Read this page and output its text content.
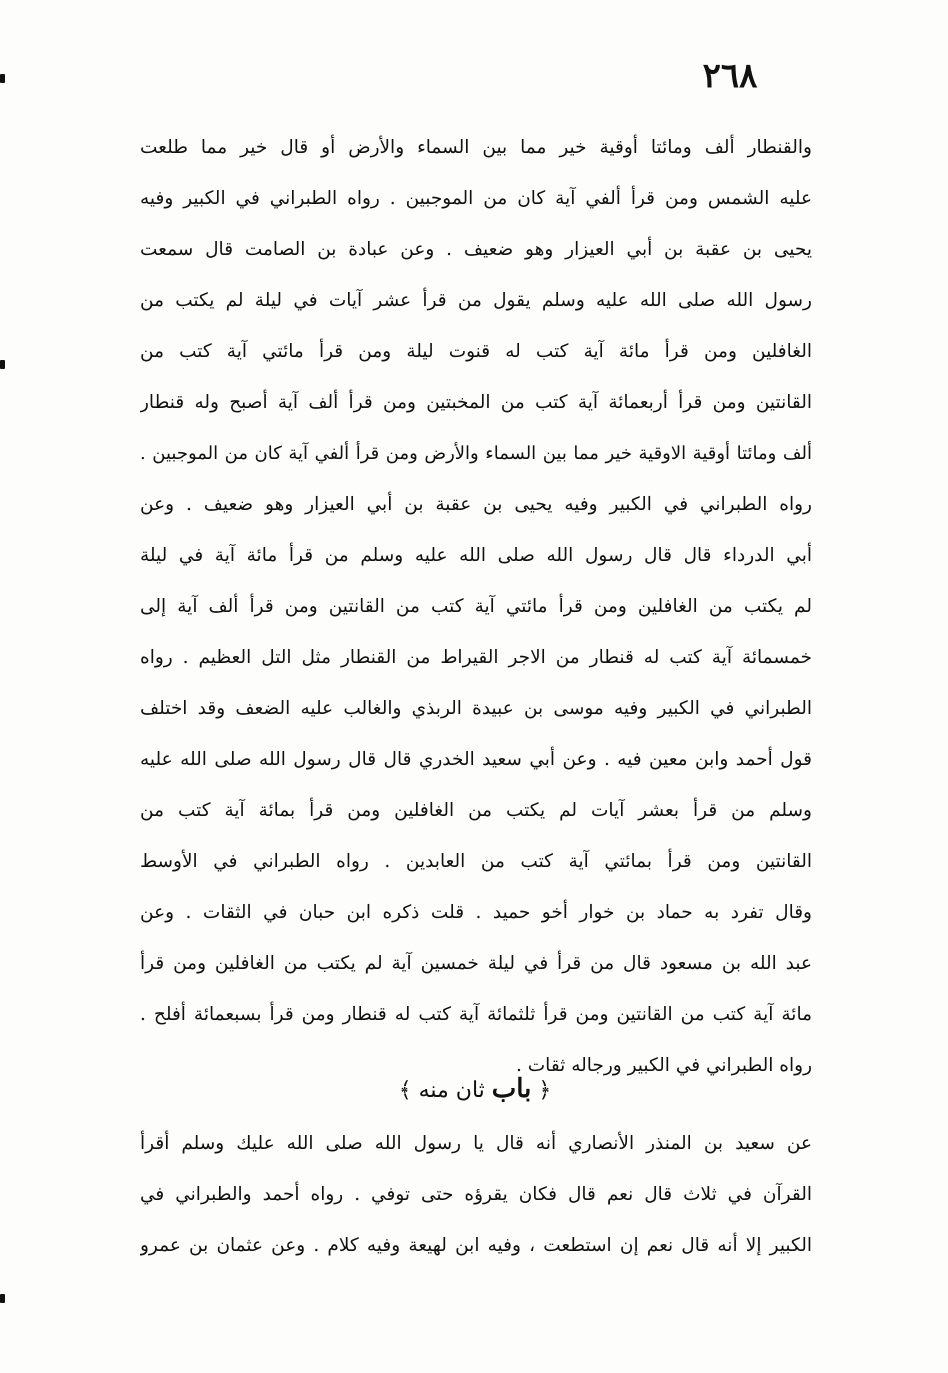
٢٦٨
والقنطار ألف ومائتا أوقية خير مما بين السماء والأرض أو قال خير مما طلعت
عليه الشمس ومن قرأ ألفي آية كان من الموجبين . رواه الطبراني في الكبير وفيه
يحيى بن عقبة بن أبي العيزار وهو ضعيف . وعن عبادة بن الصامت قال سمعت
رسول الله صلى الله عليه وسلم يقول من قرأ عشر آيات في ليلة لم يكتب من
الغافلين ومن قرأ مائة آية كتب له قنوت ليلة ومن قرأ مائتي آية كتب من
القانتين ومن قرأ أربعمائة آية كتب من المخبتين ومن قرأ ألف آية أصبح وله قنطار
ألف ومائتا أوقية الاوقية خير مما بين السماء والأرض ومن قرأ ألفي آية كان من الموجبين .
رواه الطبراني في الكبير وفيه يحيى بن عقبة بن أبي العيزار وهو ضعيف . وعن
أبي الدرداء قال قال رسول الله صلى الله عليه وسلم من قرأ مائة آية في ليلة
لم يكتب من الغافلين ومن قرأ مائتي آية كتب من القانتين ومن قرأ ألف آية إلى
خمسمائة آية كتب له قنطار من الاجر القيراط من القنطار مثل التل العظيم . رواه
الطبراني في الكبير وفيه موسى بن عبيدة الربذي والغالب عليه الضعف وقد اختلف
قول أحمد وابن معين فيه . وعن أبي سعيد الخدري قال قال رسول الله صلى الله عليه
وسلم من قرأ بعشر آيات لم يكتب من الغافلين ومن قرأ بمائة آية كتب من
القانتين ومن قرأ بمائتي آية كتب من العابدين . رواه الطبراني في الأوسط
وقال تفرد به حماد بن خوار أخو حميد . قلت ذكره ابن حبان في الثقات . وعن
عبد الله بن مسعود قال من قرأ في ليلة خمسين آية لم يكتب من الغافلين ومن قرأ
مائة آية كتب من القانتين ومن قرأ ثلثمائة آية كتب له قنطار ومن قرأ بسبعمائة أفلح .
رواه الطبراني في الكبير ورجاله ثقات .
﴿ باب ثان منه ﴾
عن سعيد بن المنذر الأنصاري أنه قال يا رسول الله صلى الله عليك وسلم أقرأ
القرآن في ثلاث قال نعم قال فكان يقرؤه حتى توفي . رواه أحمد والطبراني في
الكبير إلا أنه قال نعم إن استطعت ، وفيه ابن لهيعة وفيه كلام . وعن عثمان بن عمرو
